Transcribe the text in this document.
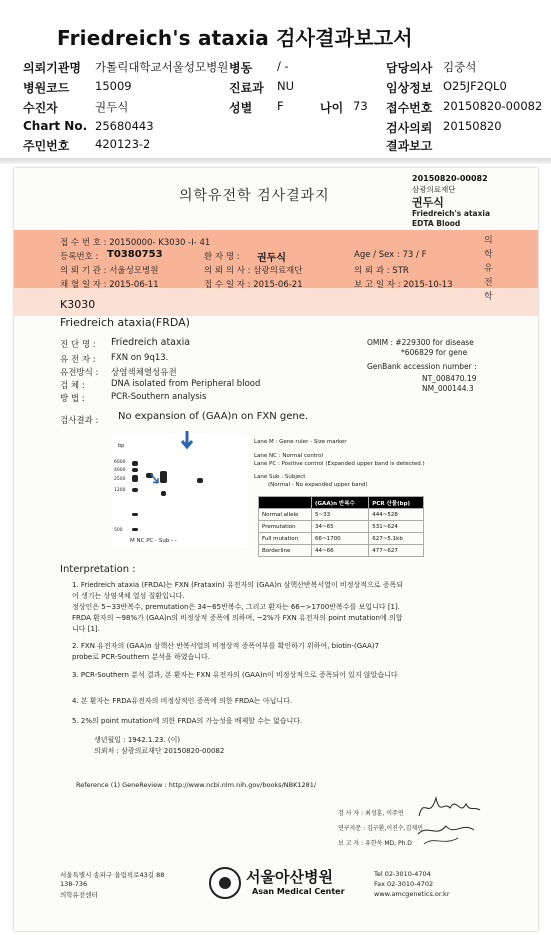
Friedreich's ataxia 검사결과보고서
의뢰기관명 가톨릭대학교서울성모병원 병동 / -	담당의사 김중석
병원코드 15009	진료과 NU	임상정보 O25JF2QL0
수진자	권두식	성별 F	나이 73 접수번호 20150820-00082
Chart No. 25680443	검사의뢰 20150820
주민번호 420123-2	결과보고
20150820-00082
삼광의료재단
권두식
Friedreich's ataxia
EDTA Blood
의학유전학 검사결과지
의학유전학
접 수 번 호 : 20150000- K3030 -I- 41
등록번호 : T0380753	환 자 명 : 권두식	Age / Sex : 73 / F
의 뢰 기 관 : 서울성모병원	의 뢰 의 사 : 삼광의료재단	의 뢰 과 : STR
채 혈 일 자 : 2015-06-11	접 수 일 자 : 2015-06-21	보 고 일 자 : 2015-10-13
K3030
Friedreich ataxia(FRDA)
진 단 명 : Friedreich ataxia
유 전 자 : FXN on 9q13.
유전방식 : 상염색체열성유전
검 체 :	DNA isolated from Peripheral blood
방 법 :	PCR-Southern analysis
OMIM : #229300 for disease
*606829 for gene
GenBank accession number :
NT_008470.19
NM_000144.3
검사결과 : No expansion of (GAA)n on FXN gene.
bp
6000
4000
2500
1200
500
M NC PC - Sub - -
Lane M : Gene ruler - Size marker
Lane NC : Normal control
Lane PC : Positive control (Expanded upper band is detected.)
Lane Sub : Subject
(Normal - No expanded upper band)
	(GAA)n 반복수	PCR 산물(bp)
Normal allele	5~33	444~528
Premutation	34~65	531~624
Full mutation	66~1700	627~5.1kb
Borderline	44~66	477~627
Interpretation :
1. Friedreich ataxia (FRDA)는 FXN (Frataxin) 유전자의 (GAA)n 삼핵산반복서열이 비정상적으로 증폭되
어 생기는 상염색체 열성 질환입니다.
정상인은 5~33반복수, premutation은 34~65반복수, 그리고 환자는 66~>1700반복수를 보입니다 [1].
FRDA 환자의 ~98%가 (GAA)n의 비정상적 증폭에 의하며, ~2%가 FXN 유전자의 point mutation에 의합
니다 [1].
2. FXN 유전자의 (GAA)n 삼핵산 반복서열의 비정상적 증폭여부를 확인하기 위하여, biotin-(GAA)7
probe로 PCR-Southern 분석을 하였습니다.
3. PCR-Southern 분석 결과, 본 환자는 FXN 유전자의 (GAA)n이 비정상적으로 증폭되어 있지 않았습니다
4. 본 환자는 FRDA유전자의 비정상적인 증폭에 의한 FRDA는 아닙니다.
5. 2%의 point mutation에 의한 FRDA의 가능성을 배제할 수는 없습니다.
생년월일 : 1942.1.23. (이)
의뢰처 : 삼광의료재단 20150820-00082
Reference (1) GeneReview : http://www.ncbi.nlm.nih.gov/books/NBK1281/
검 사 자 : 최성훈, 이주연
연구자문 : 김구환,이진수,김재민
보 고 자 : 유한욱 MD, Ph.D
서울특별시 송파구 올림픽로43길 88
138-736
의학유전센터
서울아산병원
Asan Medical Center
Tel 02-3010-4704
Fax 02-3010-4702
www.amcgenetics.or.kr
